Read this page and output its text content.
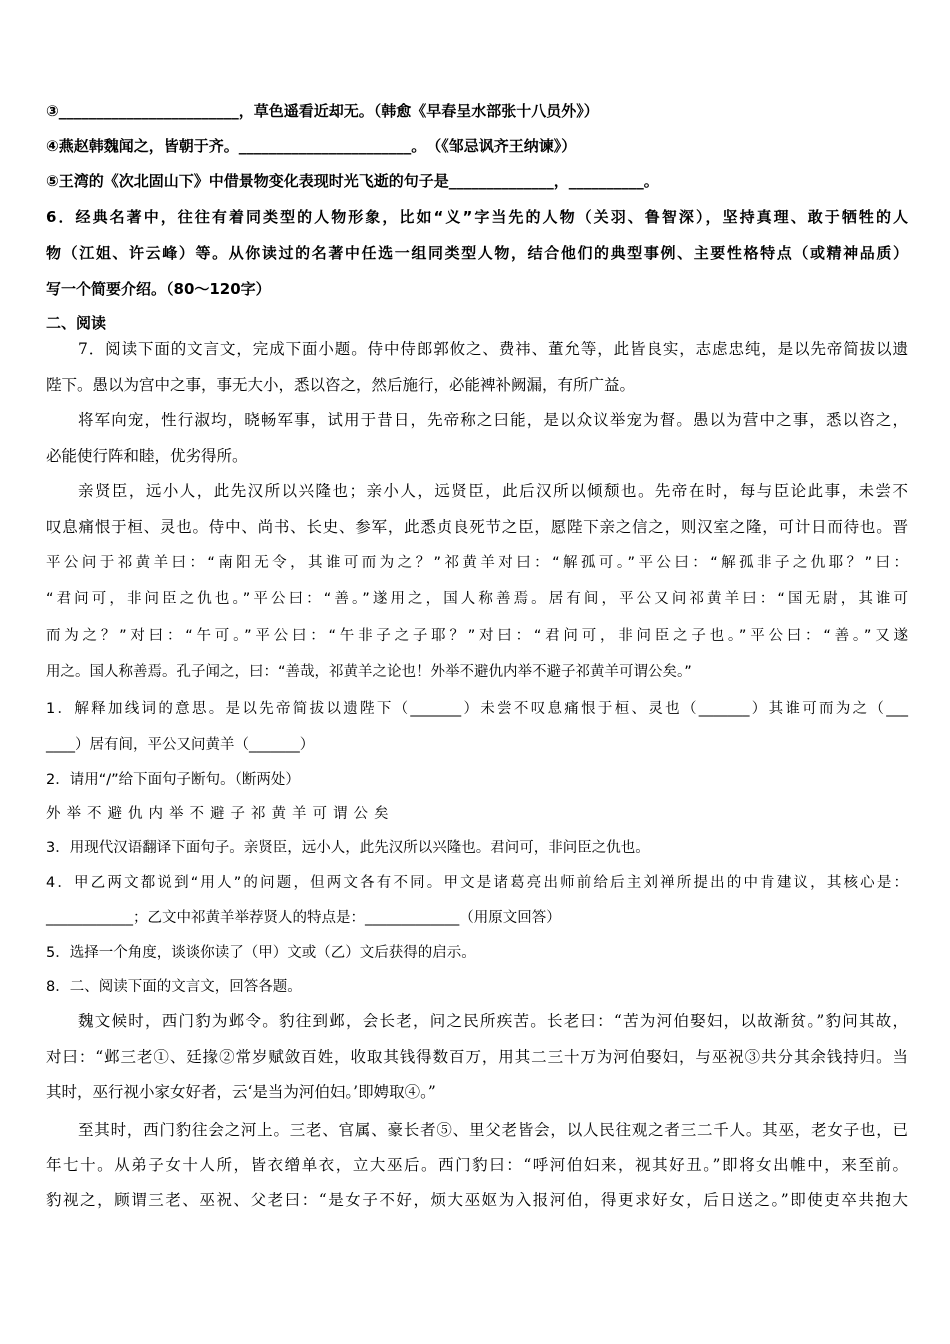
③________________________，草色遥看近却无。（韩愈《早春呈水部张十八员外》）
④燕赵韩魏闻之，皆朝于齐。_______________________。　（《邹忌讽齐王纳谏》）
⑤王湾的《次北固山下》中借景物变化表现时光飞逝的句子是______________，__________。
6．经典名著中，往往有着同类型的人物形象，比如“义”字当先的人物（关羽、鲁智深），坚持真理、敢于牺牲的人
物（江姐、许云峰）等。从你读过的名著中任选一组同类型人物，结合他们的典型事例、主要性格特点（或精神品质）
写一个简要介绍。（80～120字）
二、阅读
7．阅读下面的文言文，完成下面小题。侍中侍郎郭攸之、费祎、董允等，此皆良实，志虑忠纯，是以先帝简拔以遗
陛下。愚以为宫中之事，事无大小，悉以咨之，然后施行，必能裨补阙漏，有所广益。
将军向宠，性行淑均，晓畅军事，试用于昔日，先帝称之曰能，是以众议举宠为督。愚以为营中之事，悉以咨之，
必能使行阵和睦，优劣得所。
亲贤臣，远小人，此先汉所以兴隆也；亲小人，远贤臣，此后汉所以倾颓也。先帝在时，每与臣论此事，未尝不
叹息痛恨于桓、灵也。侍中、尚书、长史、参军，此悉贞良死节之臣，愿陛下亲之信之，则汉室之隆，可计日而待也。晋
平公问于祁黄羊曰：“南阳无令，其谁可而为之？”祁黄羊对曰：“解孤可。”平公曰：“解孤非子之仇耶？”曰：
“君问可，非问臣之仇也。”平公曰：“善。”遂用之，国人称善焉。居有间，平公又问祁黄羊曰：“国无尉，其谁可
而为之？”对曰：“午可。”平公曰：“午非子之子耶？”对曰：“君问可，非问臣之子也。”平公曰：“善。”又遂
用之。国人称善焉。孔子闻之，曰：“善哉，祁黄羊之论也！外举不避仇内举不避子祁黄羊可谓公矣。”
1．解释加线词的意思。是以先帝简拔以遗陛下（_______）未尝不叹息痛恨于桓、灵也（_______）其谁可而为之（___
____）居有间，平公又问黄羊（_______）
2．请用“/”给下面句子断句。（断两处）
外举不避仇内举不避子祁黄羊可谓公矣
3．用现代汉语翻译下面句子。亲贤臣，远小人，此先汉所以兴隆也。君问可，非问臣之仇也。
4．甲乙两文都说到“用人”的问题，但两文各有不同。甲文是诸葛亮出师前给后主刘禅所提出的中肯建议，其核心是：
____________；乙文中祁黄羊举荐贤人的特点是：_____________（用原文回答）
5．选择一个角度，谈谈你读了（甲）文或（乙）文后获得的启示。
8．二、阅读下面的文言文，回答各题。
魏文候时，西门豹为邺令。豹往到邺，会长老，问之民所疾苦。长老曰：“苦为河伯娶妇，以故渐贫。”豹问其故，
对曰：“邺三老①、廷掾②常岁赋敛百姓，收取其钱得数百万，用其二三十万为河伯娶妇，与巫祝③共分其余钱持归。当
其时，巫行视小家女好者，云‘是当为河伯妇。’即娉取④。”
至其时，西门豹往会之河上。三老、官属、豪长者⑤、里父老皆会，以人民往观之者三二千人。其巫，老女子也，已
年七十。从弟子女十人所，皆衣缯单衣，立大巫后。西门豹曰：“呼河伯妇来，视其好丑。”即将女出帷中，来至前。
豹视之，顾谓三老、巫祝、父老曰：“是女子不好，烦大巫妪为入报河伯，得更求好女，后日送之。”即使吏卒共抱大
